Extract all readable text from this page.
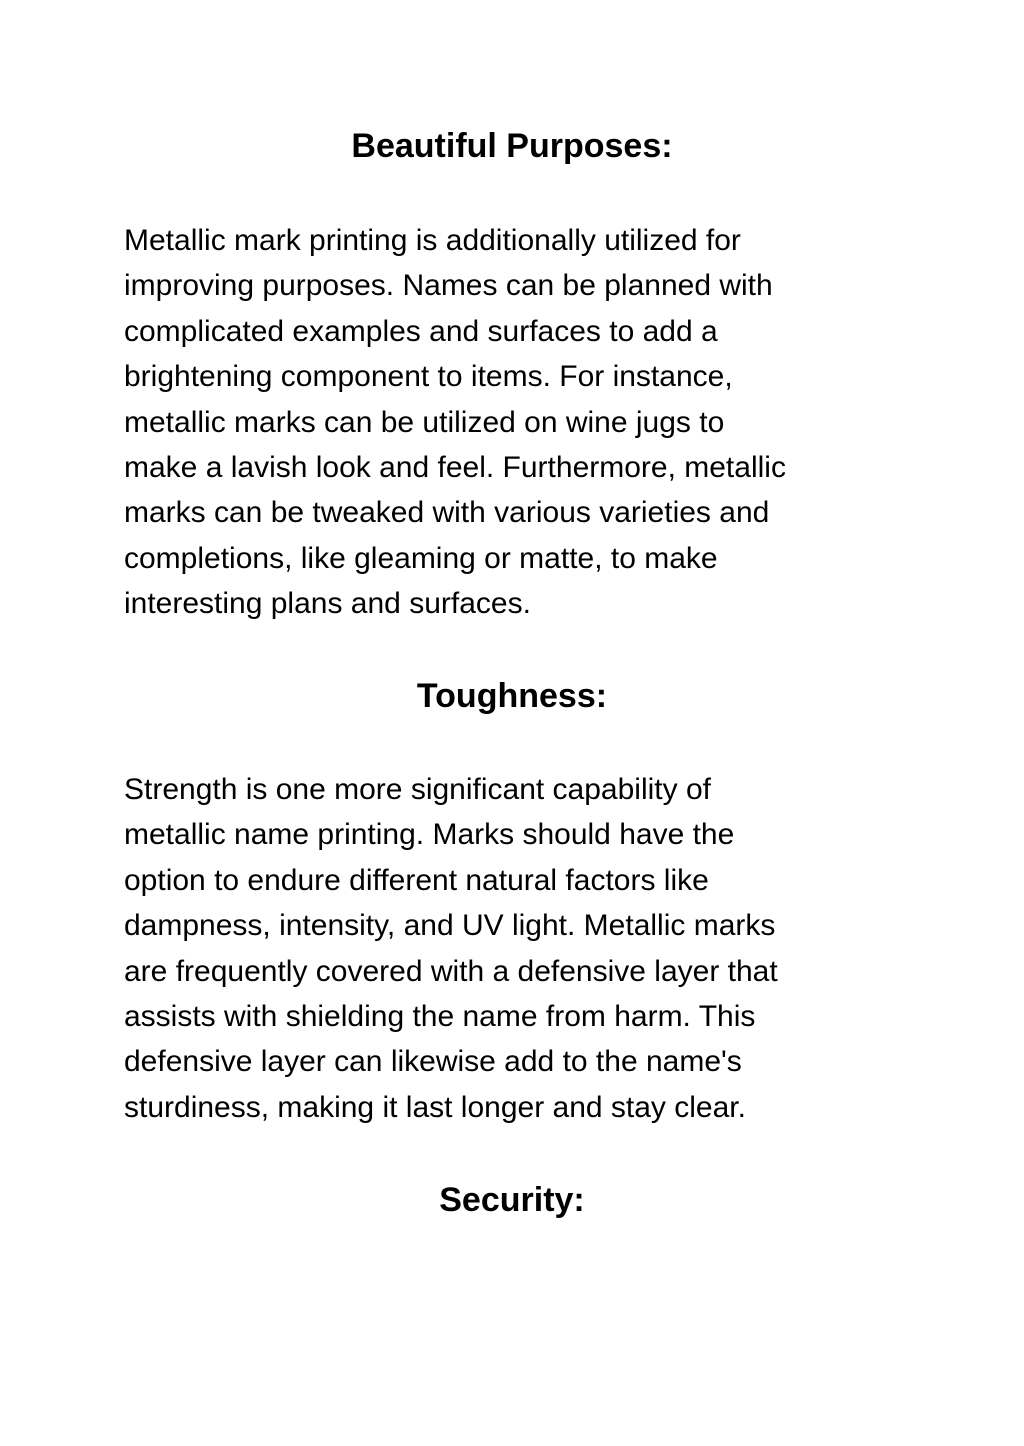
Beautiful Purposes:

Metallic mark printing is additionally utilized for
improving purposes. Names can be planned with
complicated examples and surfaces to add a
brightening component to items. For instance,
metallic marks can be utilized on wine jugs to
make a lavish look and feel. Furthermore, metallic
marks can be tweaked with various varieties and
completions, like gleaming or matte, to make
interesting plans and surfaces.

Toughness:

Strength is one more significant capability of
metallic name printing. Marks should have the
option to endure different natural factors like
dampness, intensity, and UV light. Metallic marks
are frequently covered with a defensive layer that
assists with shielding the name from harm. This
defensive layer can likewise add to the name's
sturdiness, making it last longer and stay clear.

Security:
